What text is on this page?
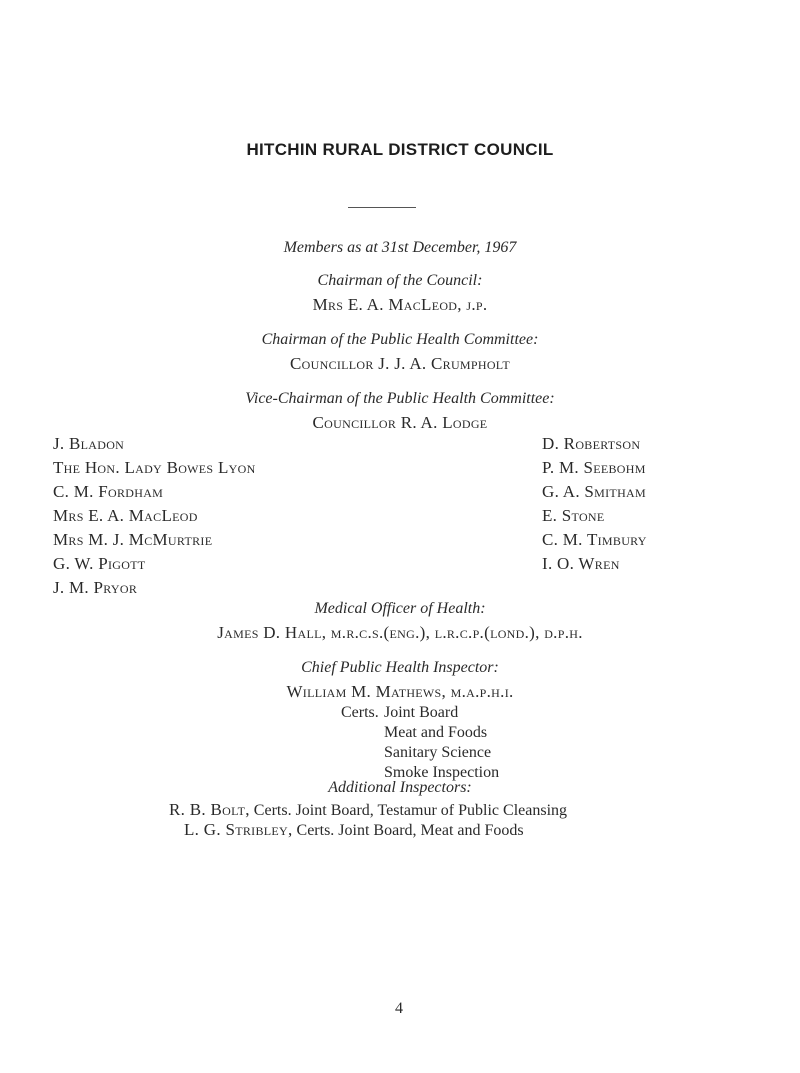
HITCHIN RURAL DISTRICT COUNCIL
Members as at 31st December, 1967
Chairman of the Council:
Mrs E. A. MacLeod, j.p.
Chairman of the Public Health Committee:
Councillor J. J. A. Crumpholt
Vice-Chairman of the Public Health Committee:
Councillor R. A. Lodge
J. Bladon
The Hon. Lady Bowes Lyon
C. M. Fordham
Mrs E. A. MacLeod
Mrs M. J. McMurtrie
G. W. Pigott
J. M. Pryor
D. Robertson
P. M. Seebohm
G. A. Smitham
E. Stone
C. M. Timbury
I. O. Wren
Medical Officer of Health:
James D. Hall, m.r.c.s.(eng.), l.r.c.p.(lond.), d.p.h.
Chief Public Health Inspector:
William M. Mathews, m.a.p.h.i.
Certs. Joint Board
Meat and Foods
Sanitary Science
Smoke Inspection
Additional Inspectors:
R. B. Bolt, Certs. Joint Board, Testamur of Public Cleansing
L. G. Stribley, Certs. Joint Board, Meat and Foods
4
